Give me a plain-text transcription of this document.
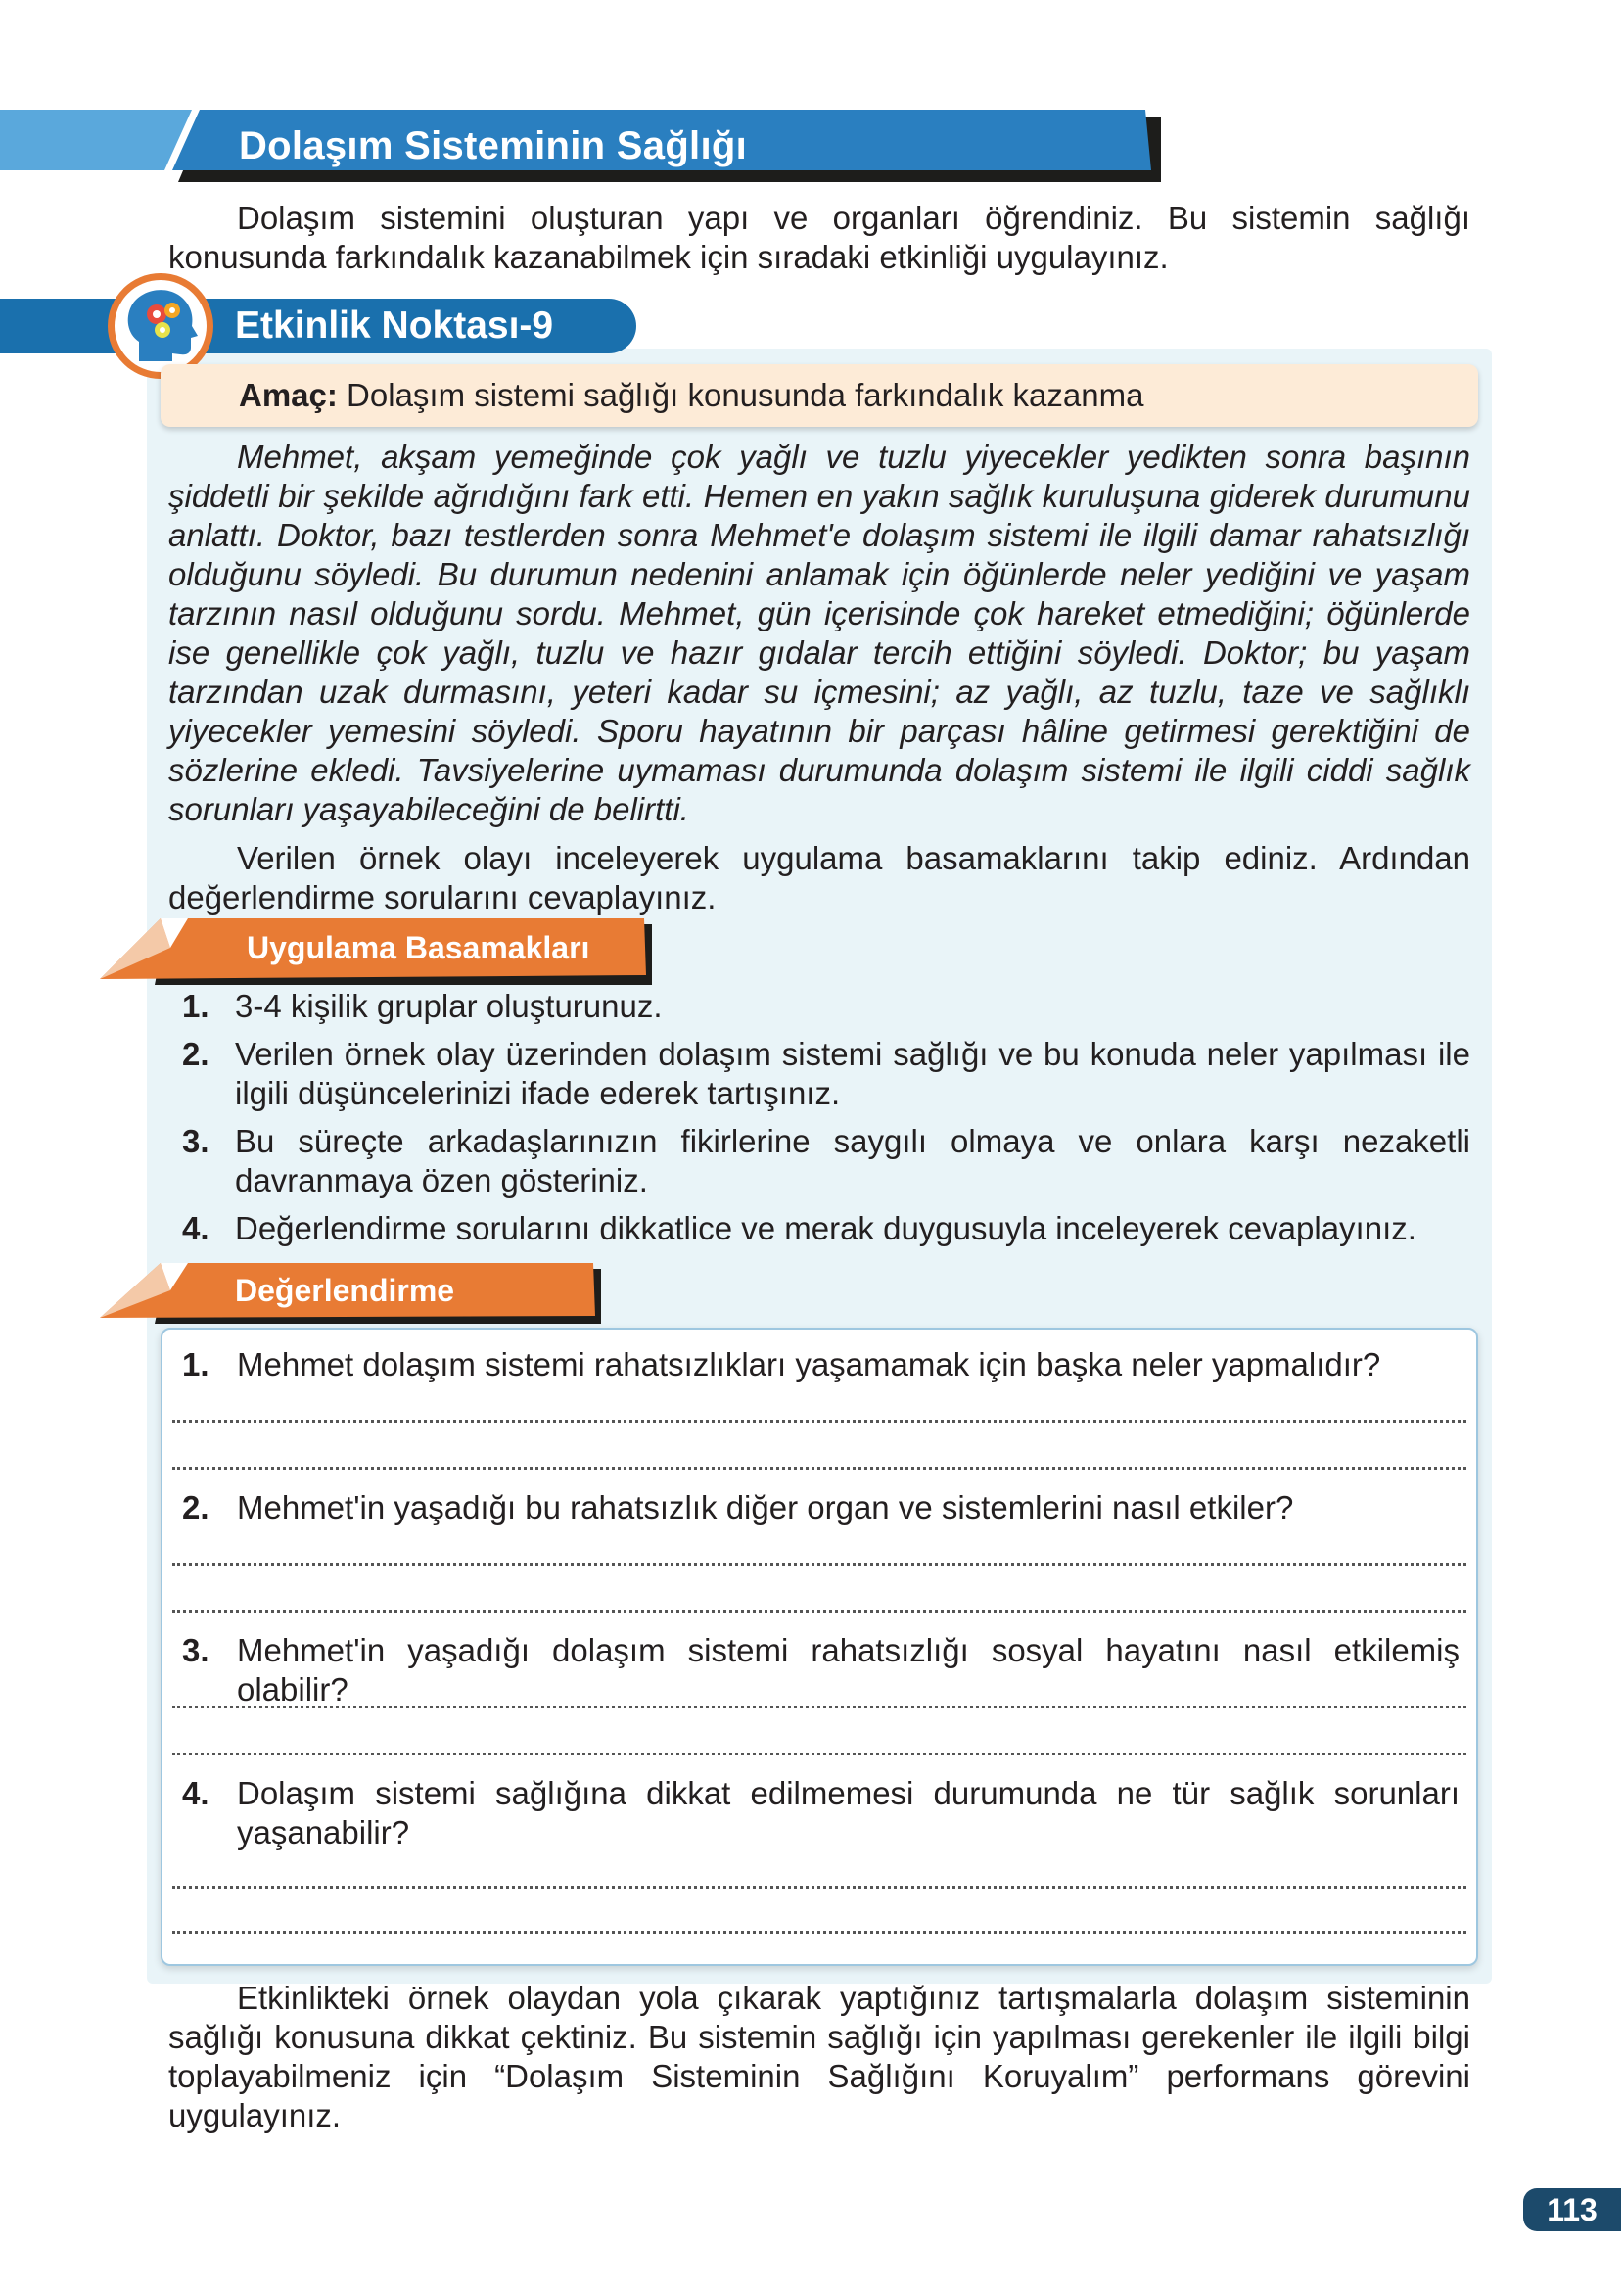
Dolaşım Sisteminin Sağlığı

Dolaşım sistemini oluşturan yapı ve organları öğrendiniz. Bu sistemin sağlığı konusunda farkındalık kazanabilmek için sıradaki etkinliği uygulayınız.

Etkinlik Noktası-9

Amaç: Dolaşım sistemi sağlığı konusunda farkındalık kazanma

Mehmet, akşam yemeğinde çok yağlı ve tuzlu yiyecekler yedikten sonra başının şiddetli bir şekilde ağrıdığını fark etti. Hemen en yakın sağlık kuruluşuna giderek durumunu anlattı. Doktor, bazı testlerden sonra Mehmet'e dolaşım sistemi ile ilgili damar rahatsızlığı olduğunu söyledi. Bu durumun nedenini anlamak için öğünlerde neler yediğini ve yaşam tarzının nasıl olduğunu sordu. Mehmet, gün içerisinde çok hareket etmediğini; öğünlerde ise genellikle çok yağlı, tuzlu ve hazır gıdalar tercih ettiğini söyledi. Doktor; bu yaşam tarzından uzak durmasını, yeteri kadar su içmesini; az yağlı, az tuzlu, taze ve sağlıklı yiyecekler yemesini söyledi. Sporu hayatının bir parçası hâline getirmesi gerektiğini de sözlerine ekledi. Tavsiyelerine uymaması durumunda dolaşım sistemi ile ilgili ciddi sağlık sorunları yaşayabileceğini de belirtti.

Verilen örnek olayı inceleyerek uygulama basamaklarını takip ediniz. Ardından değerlendirme sorularını cevaplayınız.

Uygulama Basamakları
1. 3-4 kişilik gruplar oluşturunuz.
2. Verilen örnek olay üzerinden dolaşım sistemi sağlığı ve bu konuda neler yapılması ile ilgili düşüncelerinizi ifade ederek tartışınız.
3. Bu süreçte arkadaşlarınızın fikirlerine saygılı olmaya ve onlara karşı nezaketli davranmaya özen gösteriniz.
4. Değerlendirme sorularını dikkatlice ve merak duygusuyla inceleyerek cevaplayınız.
Değerlendirme
1. Mehmet dolaşım sistemi rahatsızlıkları yaşamamak için başka neler yapmalıdır?
2. Mehmet'in yaşadığı bu rahatsızlık diğer organ ve sistemlerini nasıl etkiler?
3. Mehmet'in yaşadığı dolaşım sistemi rahatsızlığı sosyal hayatını nasıl etkilemiş olabilir?
4. Dolaşım sistemi sağlığına dikkat edilmemesi durumunda ne tür sağlık sorunları yaşanabilir?

Etkinlikteki örnek olaydan yola çıkarak yaptığınız tartışmalarla dolaşım sisteminin sağlığı konusuna dikkat çektiniz. Bu sistemin sağlığı için yapılması gerekenler ile ilgili bilgi toplayabilmeniz için “Dolaşım Sisteminin Sağlığını Koruyalım” performans görevini uygulayınız.

113
